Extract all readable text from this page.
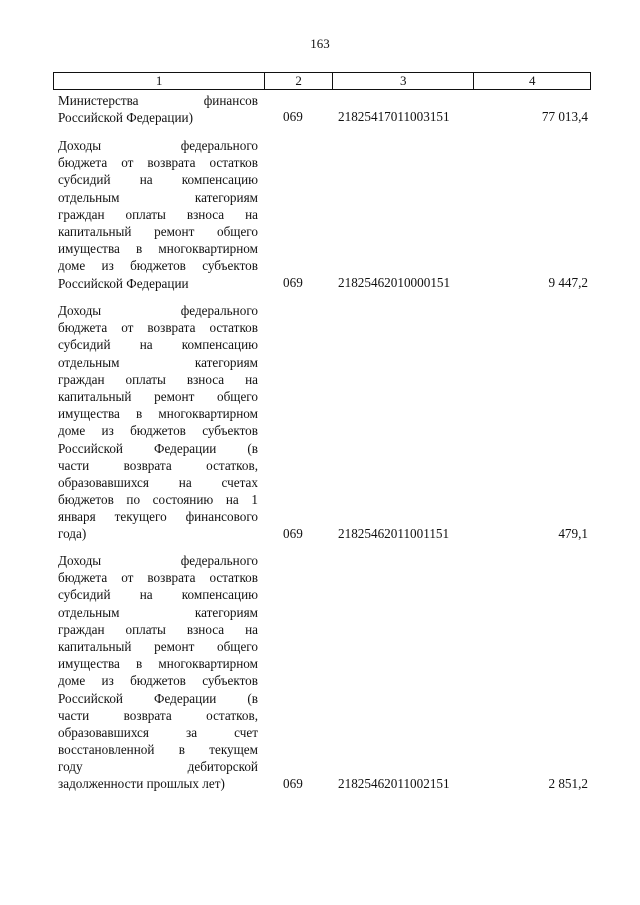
163
1	2	3	4
Министерства финансов
Российской Федерации)	069	21825417011003151	77 013,4
Доходы федерального
бюджета от возврата остатков
субсидий на компенсацию
отдельным категориям
граждан оплаты взноса на
капитальный ремонт общего
имущества в многоквартирном
доме из бюджетов субъектов
Российской Федерации	069	21825462010000151	9 447,2
Доходы федерального
бюджета от возврата остатков
субсидий на компенсацию
отдельным категориям
граждан оплаты взноса на
капитальный ремонт общего
имущества в многоквартирном
доме из бюджетов субъектов
Российской Федерации (в
части возврата остатков,
образовавшихся на счетах
бюджетов по состоянию на 1
января текущего финансового
года)	069	21825462011001151	479,1
Доходы федерального
бюджета от возврата остатков
субсидий на компенсацию
отдельным категориям
граждан оплаты взноса на
капитальный ремонт общего
имущества в многоквартирном
доме из бюджетов субъектов
Российской Федерации (в
части возврата остатков,
образовавшихся за счет
восстановленной в текущем
году дебиторской
задолженности прошлых лет)	069	21825462011002151	2 851,2
